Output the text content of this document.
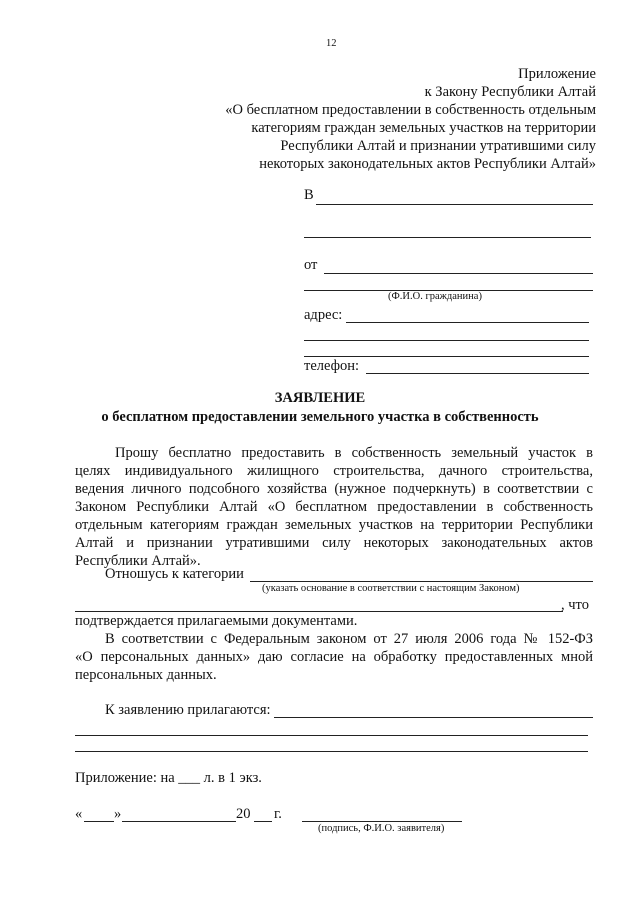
12
Приложение
к Закону Республики Алтай
«О бесплатном предоставлении в собственность отдельным
категориям граждан земельных участков на территории
Республики Алтай и признании утратившими силу
некоторых законодательных актов Республики Алтай»
В
от
(Ф.И.О. гражданина)
адрес:
телефон:
ЗАЯВЛЕНИЕ
о бесплатном предоставлении земельного участка в собственность
Прошу бесплатно предоставить в собственность земельный участок в
целях индивидуального жилищного строительства, дачного строительства,
ведения личного подсобного хозяйства (нужное подчеркнуть) в соответствии с
Законом Республики Алтай «О бесплатном предоставлении в собственность
отдельным категориям граждан земельных участков на территории Республики
Алтай и признании утратившими силу некоторых законодательных актов
Республики Алтай».
Отношусь к категории
(указать основание в соответствии с настоящим Законом)
, что
подтверждается прилагаемыми документами.
В соответствии с Федеральным законом от 27 июля 2006 года № 152-ФЗ
«О персональных данных» даю согласие на обработку предоставленных мной
персональных данных.
К заявлению прилагаются:
Приложение: на ___ л. в 1 экз.
« »	20 г.
(подпись, Ф.И.О. заявителя)
